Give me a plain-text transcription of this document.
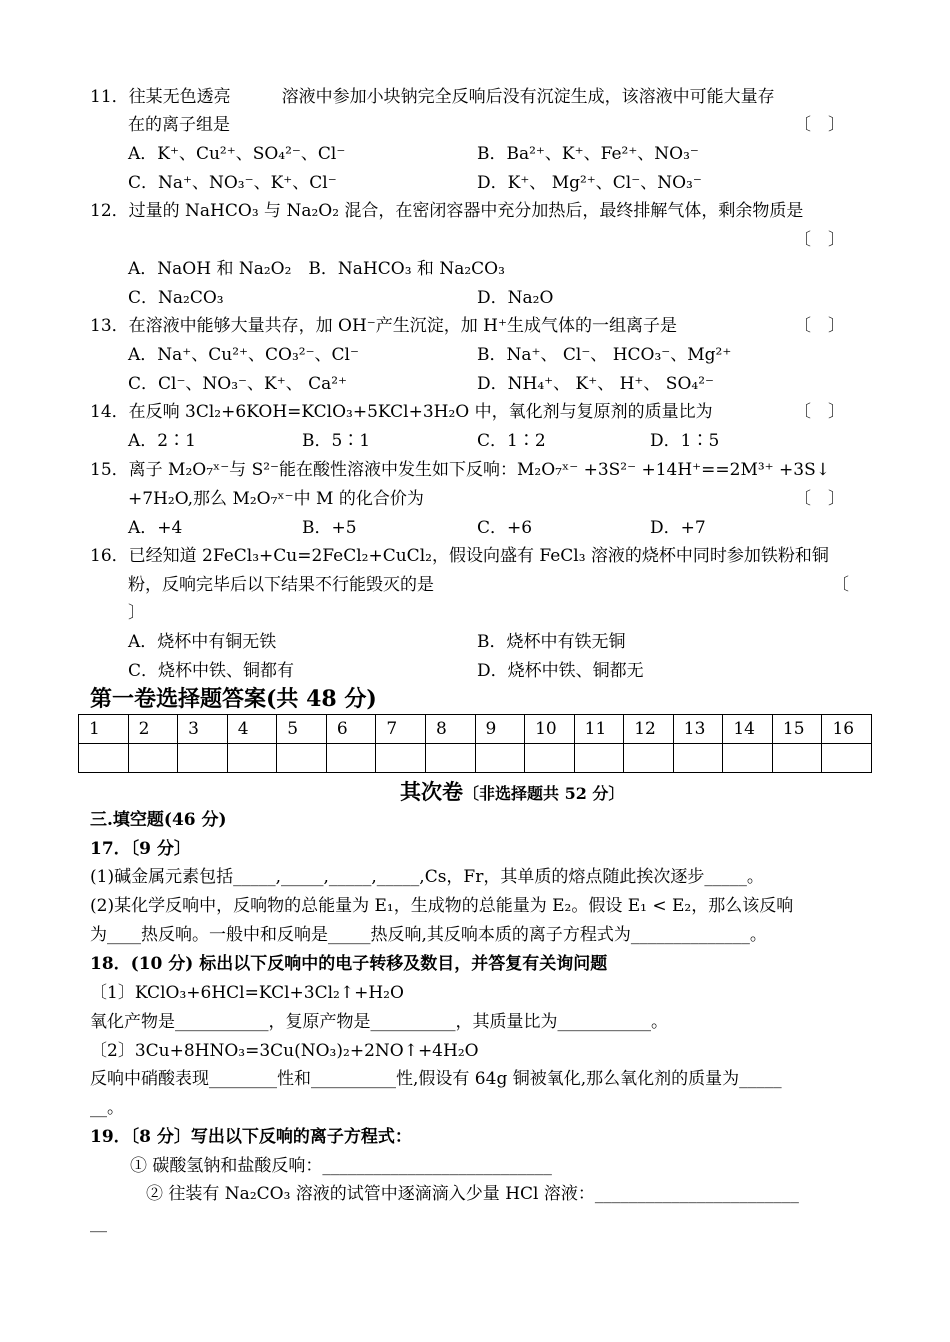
11．往某无色透亮　　　溶液中参加小块钠完全反响后没有沉淀生成，该溶液中可能大量存
在的离子组是	〔　〕
A．K⁺、Cu²⁺、SO₄²⁻、Cl⁻	B．Ba²⁺、K⁺、Fe²⁺、NO₃⁻
C．Na⁺、NO₃⁻、K⁺、Cl⁻	D．K⁺、 Mg²⁺、Cl⁻、NO₃⁻
12．过量的 NaHCO₃ 与 Na₂O₂ 混合，在密闭容器中充分加热后，最终排解气体，剩余物质是
〔　〕
A．NaOH 和 Na₂O₂　B．NaHCO₃ 和 Na₂CO₃
C．Na₂CO₃	D．Na₂O
13．在溶液中能够大量共存，加 OH⁻产生沉淀，加 H⁺生成气体的一组离子是	〔　〕
A．Na⁺、Cu²⁺、CO₃²⁻、Cl⁻	B．Na⁺、 Cl⁻、 HCO₃⁻、Mg²⁺
C．Cl⁻、NO₃⁻、K⁺、 Ca²⁺	D．NH₄⁺、 K⁺、 H⁺、 SO₄²⁻
14．在反响 3Cl₂+6KOH=KClO₃+5KCl+3H₂O 中，氧化剂与复原剂的质量比为	〔　〕
A．2∶1	B．5∶1	C．1∶2	D．1∶5
15．离子 M₂O₇ˣ⁻与 S²⁻能在酸性溶液中发生如下反响：M₂O₇ˣ⁻ +3S²⁻ +14H⁺==2M³⁺ +3S↓
+7H₂O,那么 M₂O₇ˣ⁻中 M 的化合价为	〔　〕
A．+4	B．+5	C．+6	D．+7
16．已经知道 2FeCl₃+Cu=2FeCl₂+CuCl₂，假设向盛有 FeCl₃ 溶液的烧杯中同时参加铁粉和铜
粉，反响完毕后以下结果不行能毁灭的是	〔
〕
A．烧杯中有铜无铁	B．烧杯中有铁无铜
C．烧杯中铁、铜都有	D．烧杯中铁、铜都无
第一卷选择题答案(共 48 分)
1	2	3	4	5	6	7	8	9	10	11	12	13	14	15	16

其次卷〔非选择题共 52 分〕
三.填空题(46 分)
17．〔9 分〕
(1)碱金属元素包括_____,_____,_____,_____,Cs，Fr，其单质的熔点随此挨次逐步_____。
(2)某化学反响中，反响物的总能量为 E₁，生成物的总能量为 E₂。假设 E₁ < E₂，那么该反响
为____热反响。一般中和反响是_____热反响,其反响本质的离子方程式为______________。
18．(10 分) 标出以下反响中的电子转移及数目，并答复有关询问题
〔1〕KClO₃+6HCl=KCl+3Cl₂↑+H₂O
氧化产物是___________，复原产物是__________，其质量比为___________。
〔2〕3Cu+8HNO₃=3Cu(NO₃)₂+2NO↑+4H₂O
反响中硝酸表现________性和__________性,假设有 64g 铜被氧化,那么氧化剂的质量为_____
__。
19．〔8 分〕写出以下反响的离子方程式：
① 碳酸氢钠和盐酸反响：___________________________
② 往装有 Na₂CO₃ 溶液的试管中逐滴滴入少量 HCl 溶液：________________________
__
